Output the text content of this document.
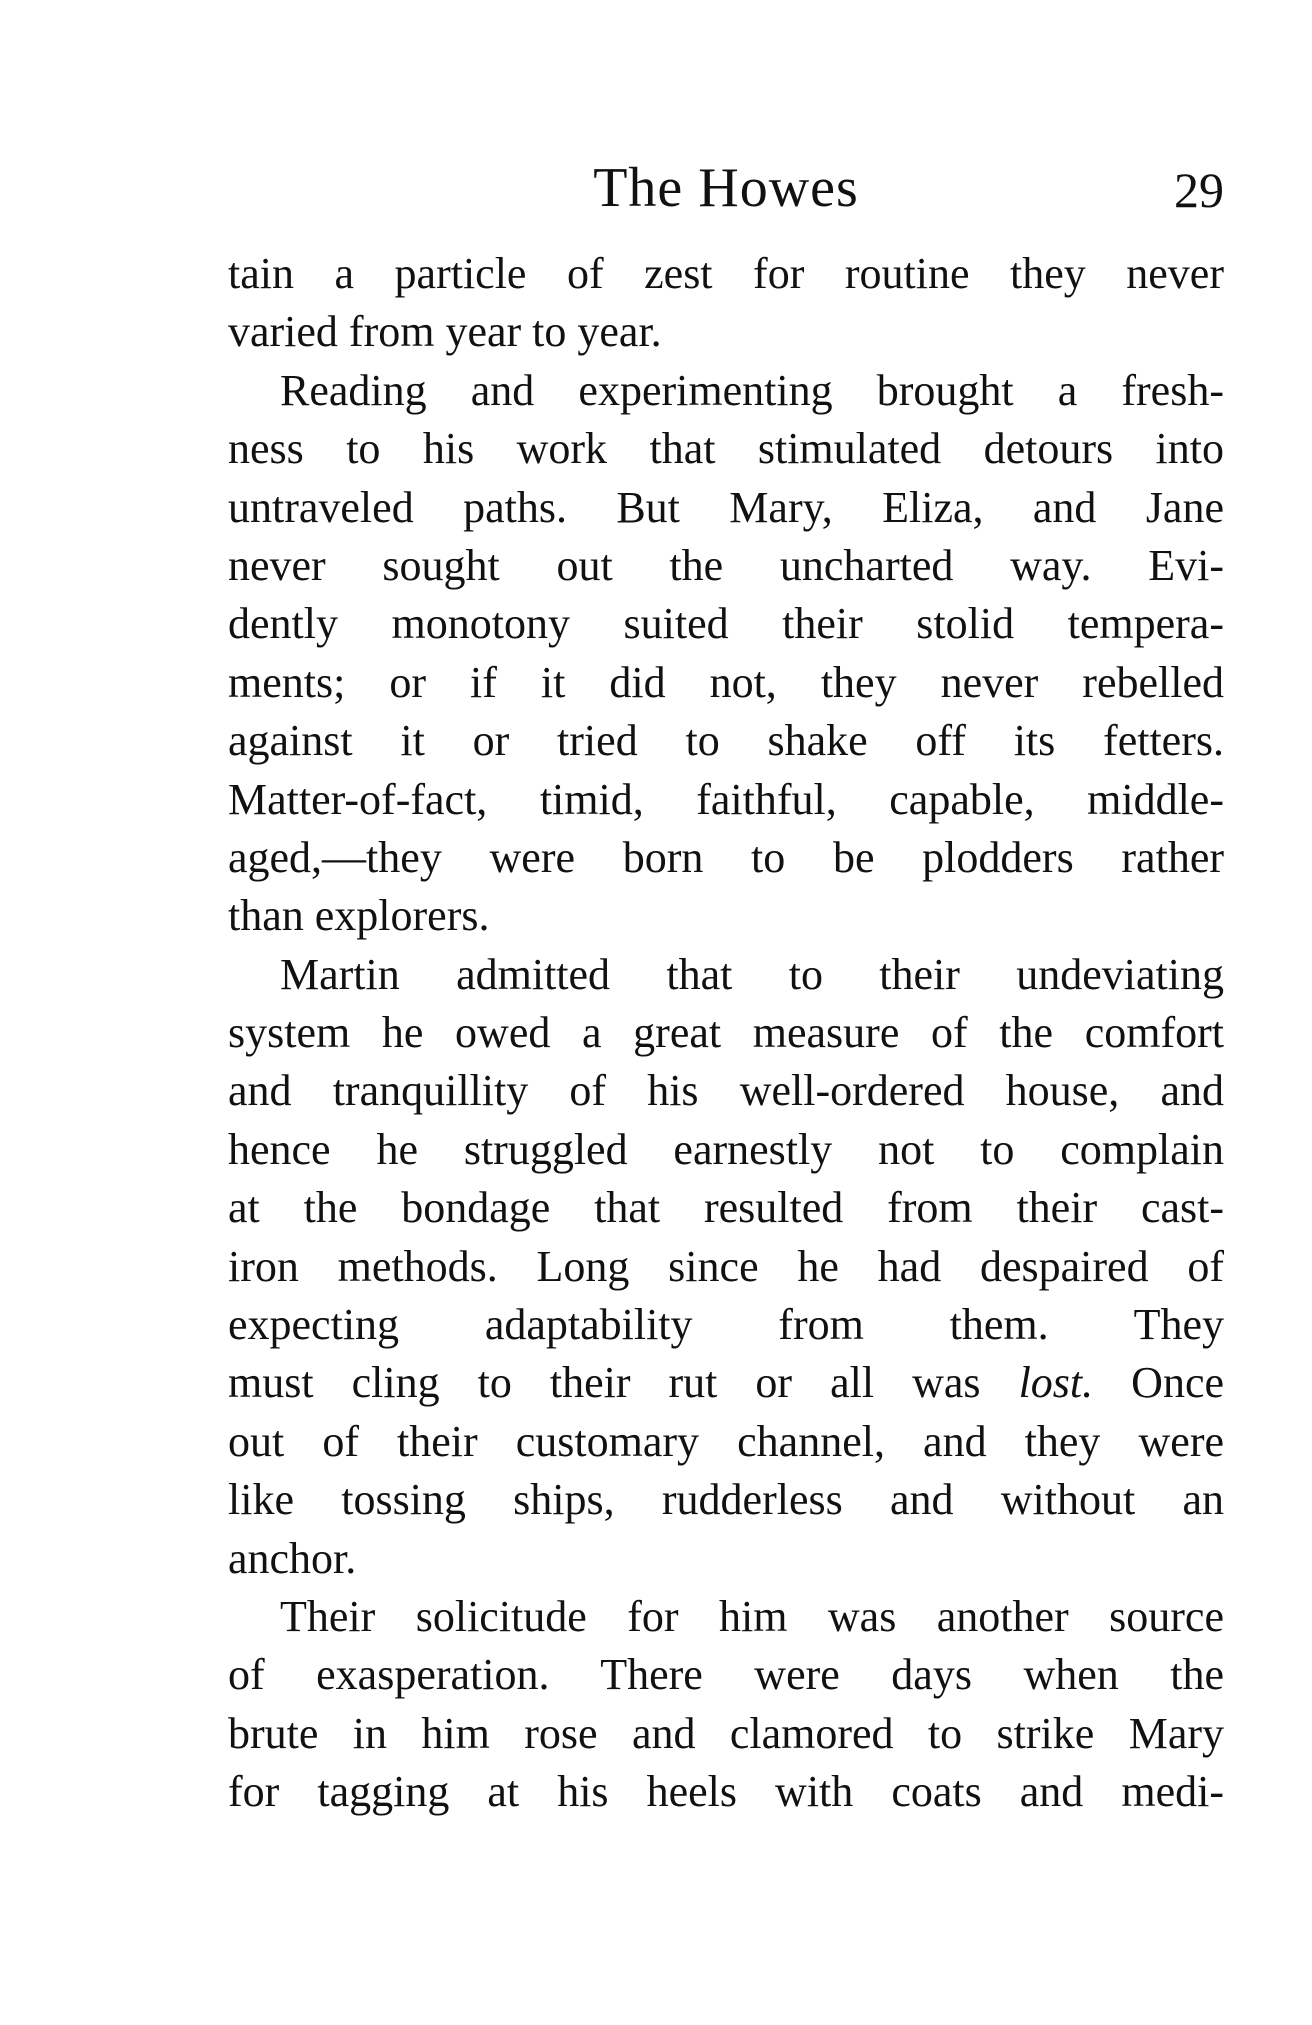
The Howes	29
tain a particle of zest for routine they never
varied from year to year.
Reading and experimenting brought a fresh-
ness to his work that stimulated detours into
untraveled paths. But Mary, Eliza, and Jane
never sought out the uncharted way. Evi-
dently monotony suited their stolid tempera-
ments; or if it did not, they never rebelled
against it or tried to shake off its fetters.
Matter-of-fact, timid, faithful, capable, middle-
aged,—they were born to be plodders rather
than explorers.
Martin admitted that to their undeviating
system he owed a great measure of the comfort
and tranquillity of his well-ordered house, and
hence he struggled earnestly not to complain
at the bondage that resulted from their cast-
iron methods. Long since he had despaired of
expecting adaptability from them. They
must cling to their rut or all was lost. Once
out of their customary channel, and they were
like tossing ships, rudderless and without an
anchor.
Their solicitude for him was another source
of exasperation. There were days when the
brute in him rose and clamored to strike Mary
for tagging at his heels with coats and medi-
